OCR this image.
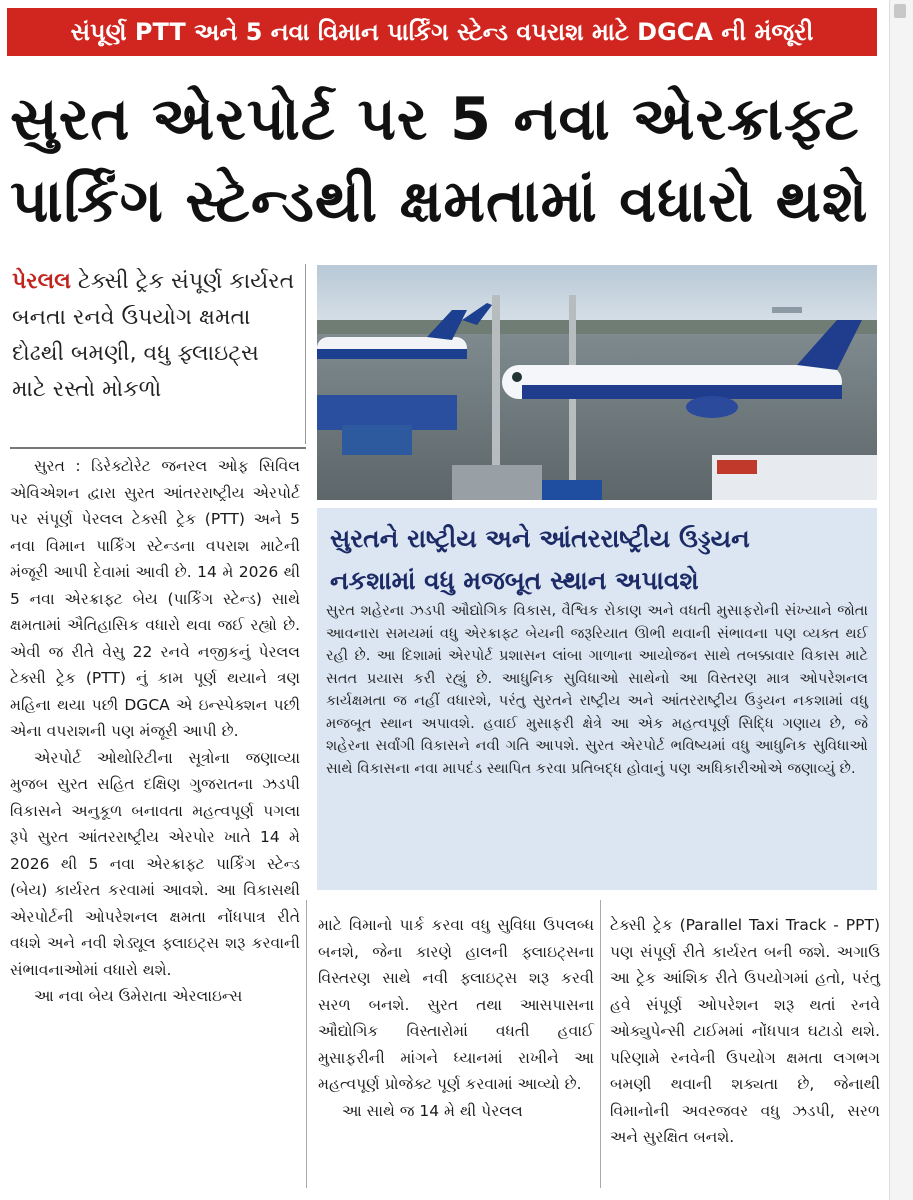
સંપૂર્ણ PTT અને 5 નવા વિમાન પાર્કિંગ સ્ટેન્ડ વપરાશ માટે DGCA ની મંજૂરી
સુરત એરપોર્ટ પર 5 નવા એરક્રાફ્ટ
પાર્કિંગ સ્ટેન્ડથી ક્ષમતામાં વધારો થશે
પેરલલ ટેક્સી ટ્રેક સંપૂર્ણ કાર્યરત બનતા રનવે ઉપયોગ ક્ષમતા દોઢથી બમણી, વધુ ફ્લાઇટ્સ માટે રસ્તો મોકળો

સુરત : ડિરેક્ટોરેટ જનરલ ઓફ સિવિલ એવિએશન દ્વારા સુરત આંતરરાષ્ટ્રીય એરપોર્ટ પર સંપૂર્ણ પેરલલ ટેક્સી ટ્રેક (PTT) અને 5 નવા વિમાન પાર્કિંગ સ્ટેન્ડના વપરાશ માટેની મંજૂરી આપી દેવામાં આવી છે. 14 મે 2026 થી 5 નવા એરક્રાફ્ટ બેય (પાર્કિંગ સ્ટેન્ડ) સાથે ક્ષમતામાં ઐતિહાસિક વધારો થવા જઈ રહ્યો છે. એવી જ રીતે વેસુ 22 રનવે નજીકનું પેરલલ ટેક્સી ટ્રેક (PTT) નું કામ પૂર્ણ થયાને ત્રણ મહિના થયા પછી DGCA એ ઇન્સ્પેક્શન પછી એના વપરાશની પણ મંજૂરી આપી છે.

એરપોર્ટ ઓથોરિટીના સૂત્રોના જણાવ્યા મુજબ સુરત સહિત દક્ષિણ ગુજરાતના ઝડપી વિકાસને અનુકૂળ બનાવતા મહત્વપૂર્ણ પગલા રૂપે સુરત આંતરરાષ્ટ્રીય એરપોર ખાતે 14 મે 2026 થી 5 નવા એરક્રાફ્ટ પાર્કિંગ સ્ટેન્ડ (બેય) કાર્યરત કરવામાં આવશે. આ વિકાસથી એરપોર્ટની ઓપરેશનલ ક્ષમતા નોંધપાત્ર રીતે વધશે અને નવી શેડ્યૂલ ફ્લાઇટ્સ શરૂ કરવાની સંભાવનાઓમાં વધારો થશે.

આ નવા બેય ઉમેરાતા એરલાઇન્સ

સુરતને રાષ્ટ્રીય અને આંતરરાષ્ટ્રીય ઉડ્ડયન
નકશામાં વધુ મજબૂત સ્થાન અપાવશે
સુરત શહેરના ઝડપી ઔદ્યોગિક વિકાસ, વૈશ્વિક રોકાણ અને વધતી મુસાફરોની સંખ્યાને જોતા આવનારા સમયમાં વધુ એરક્રાફ્ટ બેયની જરૂરિયાત ઊભી થવાની સંભાવના પણ વ્યક્ત થઈ રહી છે. આ દિશામાં એરપોર્ટ પ્રશાસન લાંબા ગાળાના આયોજન સાથે તબક્કાવાર વિકાસ માટે સતત પ્રયાસ કરી રહ્યું છે. આધુનિક સુવિધાઓ સાથેનો આ વિસ્તરણ માત્ર ઓપરેશનલ કાર્યક્ષમતા જ નહીં વધારશે, પરંતુ સુરતને રાષ્ટ્રીય અને આંતરરાષ્ટ્રીય ઉડ્ડયન નકશામાં વધુ મજબૂત સ્થાન અપાવશે. હવાઈ મુસાફરી ક્ષેત્રે આ એક મહત્વપૂર્ણ સિદ્ધિ ગણાય છે, જે શહેરના સર્વાંગી વિકાસને નવી ગતિ આપશે. સુરત એરપોર્ટ ભવિષ્યમાં વધુ આધુનિક સુવિધાઓ સાથે વિકાસના નવા માપદંડ સ્થાપિત કરવા પ્રતિબદ્ધ હોવાનું પણ અધિકારીઓએ જણાવ્યું છે.

માટે વિમાનો પાર્ક કરવા વધુ સુવિધા ઉપલબ્ધ બનશે, જેના કારણે હાલની ફ્લાઇટ્સના વિસ્તરણ સાથે નવી ફ્લાઇટ્સ શરૂ કરવી સરળ બનશે. સુરત તથા આસપાસના ઔદ્યોગિક વિસ્તારોમાં વધતી હવાઈ મુસાફરીની માંગને ધ્યાનમાં રાખીને આ મહત્વપૂર્ણ પ્રોજેક્ટ પૂર્ણ કરવામાં આવ્યો છે.

આ સાથે જ 14 મે થી પેરલલ

ટેક્સી ટ્રેક (Parallel Taxi Track - PPT) પણ સંપૂર્ણ રીતે કાર્યરત બની જશે. અગાઉ આ ટ્રેક આંશિક રીતે ઉપયોગમાં હતો, પરંતુ હવે સંપૂર્ણ ઓપરેશન શરૂ થતાં રનવે ઓક્યુપેન્સી ટાઈમમાં નોંધપાત્ર ઘટાડો થશે. પરિણામે રનવેની ઉપયોગ ક્ષમતા લગભગ બમણી થવાની શક્યતા છે, જેનાથી વિમાનોની અવરજવર વધુ ઝડપી, સરળ અને સુરક્ષિત બનશે.
